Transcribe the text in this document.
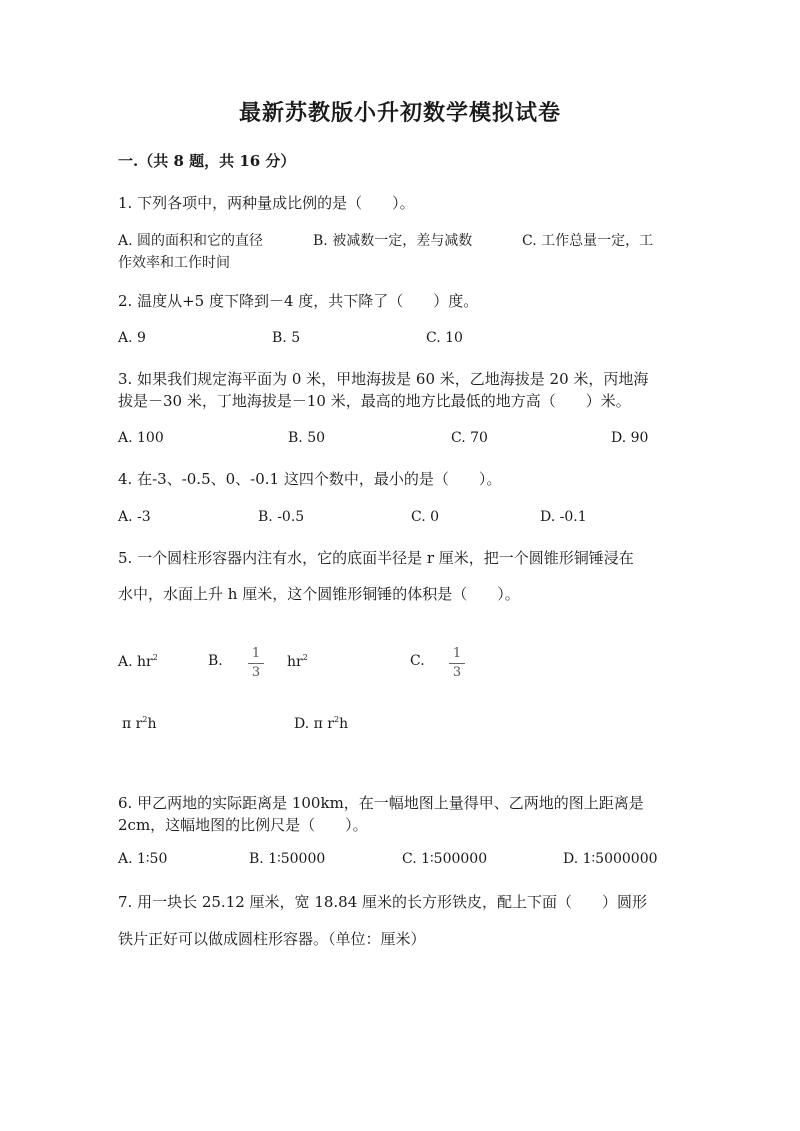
最新苏教版小升初数学模拟试卷
一.（共 8 题，共 16 分）
1. 下列各项中，两种量成比例的是（　　）。
A. 圆的面积和它的直径	B. 被减数一定，差与减数	C. 工作总量一定，工
作效率和工作时间
2. 温度从+5 度下降到－4 度，共下降了（　　）度。
A. 9	B. 5	C. 10
3. 如果我们规定海平面为 0 米，甲地海拔是 60 米，乙地海拔是 20 米，丙地海
拔是－30 米，丁地海拔是－10 米，最高的地方比最低的地方高（　　）米。
A. 100	B. 50	C. 70	D. 90
4. 在-3、-0.5、0、-0.1 这四个数中，最小的是（　　）。
A. -3	B. -0.5	C. 0	D. -0.1
5. 一个圆柱形容器内注有水，它的底面半径是 r 厘米，把一个圆锥形铜锤浸在
水中，水面上升 h 厘米，这个圆锥形铜锤的体积是（　　）。
A. $hr^2$	B.	1
3
$hr^2$	C.	1
3
π $r^2h$	D. π $r^2h$
6. 甲乙两地的实际距离是 100km，在一幅地图上量得甲、乙两地的图上距离是
2cm，这幅地图的比例尺是（　　）。
A. 1∶50	B. 1∶50000	C. 1∶500000	D. 1∶5000000
7. 用一块长 25.12 厘米，宽 18.84 厘米的长方形铁皮，配上下面（　　）圆形
铁片正好可以做成圆柱形容器。（单位：厘米）
